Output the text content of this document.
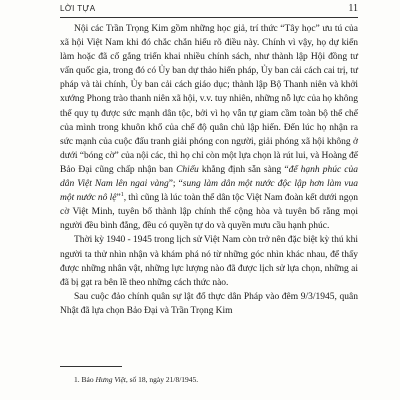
LỜI TỰA	11

Nội các Trần Trọng Kim gồm những học giả, trí thức “Tây học” ưu tú của xã hội Việt Nam khi đó chắc chắn hiểu rõ điều này. Chính vì vậy, họ dự kiến làm hoặc đã cố gắng triển khai nhiều chính sách, như thành lập Hội đồng tư vấn quốc gia, trong đó có Ủy ban dự thảo hiến pháp, Ủy ban cải cách cai trị, tư pháp và tài chính, Ủy ban cải cách giáo dục; thành lập Bộ Thanh niên và khởi xướng Phong trào thanh niên xã hội, v.v. tuy nhiên, những nỗ lực của họ không thể quy tụ được sức mạnh dân tộc, bởi vì họ vẫn tự giam cầm toàn bộ thể chế của mình trong khuôn khổ của chế độ quân chủ lập hiến. Đến lúc họ nhận ra sức mạnh của cuộc đấu tranh giải phóng con người, giải phóng xã hội không ở dưới “bóng cờ” của nội các, thì họ chỉ còn một lựa chọn là rút lui, và Hoàng đế Bảo Đại cũng chấp nhận ban Chiếu khẳng định sẵn sàng “để hạnh phúc của dân Việt Nam lên ngai vàng”; “sung làm dân một nước độc lập hơn làm vua một nước nô lệ”$^1$, thì cũng là lúc toàn thể dân tộc Việt Nam đoàn kết dưới ngọn cờ Việt Minh, tuyên bố thành lập chính thể cộng hòa và tuyên bố rằng mọi người đều bình đẳng, đều có quyền tự do và quyền mưu cầu hạnh phúc.

Thời kỳ 1940 - 1945 trong lịch sử Việt Nam còn trở nên đặc biệt kỳ thú khi người ta thử nhìn nhận và khám phá nó từ những góc nhìn khác nhau, để thấy được những nhân vật, những lực lượng nào đã được lịch sử lựa chọn, những ai đã bị gạt ra bên lề theo những cách thức nào.

Sau cuộc đảo chính quân sự lật đổ thực dân Pháp vào đêm 9/3/1945, quân Nhật đã lựa chọn Bảo Đại và Trần Trọng Kim

1. Báo Hưng Việt, số 18, ngày 21/8/1945.
